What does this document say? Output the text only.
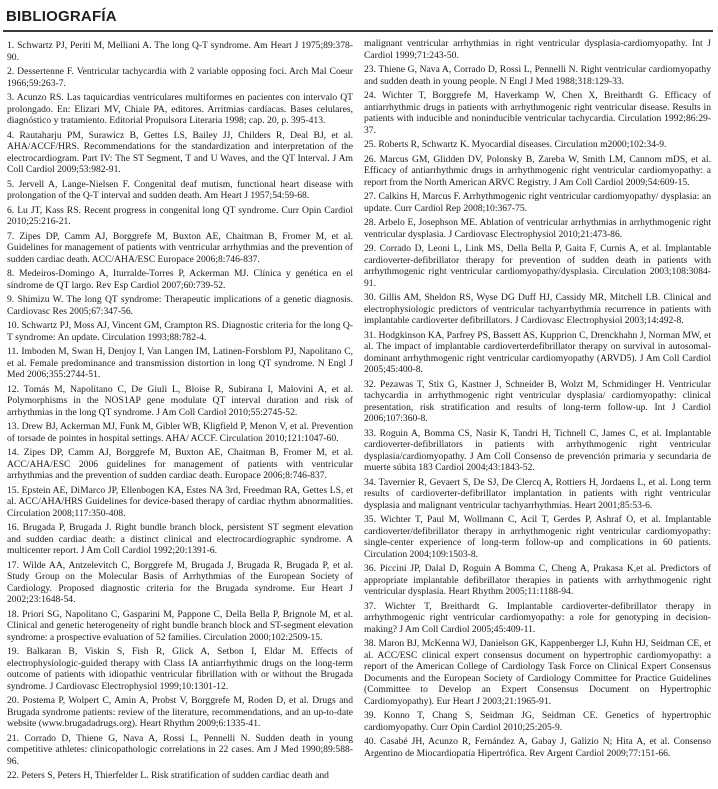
BIBLIOGRAFÍA

1. Schwartz PJ, Periti M, Melliani A. The long Q-T syndrome. Am Heart J 1975;89:378-90.

2. Dessertenne F. Ventricular tachycardia with 2 variable opposing foci. Arch Mal Coeur 1966;59:263-7.

3. Acunzo RS. Las taquicardias ventriculares multiformes en pacientes con intervalo QT prolongado. En: Elizari MV, Chiale PA, editores. Arritmias cardíacas. Bases celulares, diagnóstico y tratamiento. Editorial Propulsora Literaria 1998; cap. 20, p. 395-413.

4. Rautaharju PM, Surawicz B, Gettes LS, Bailey JJ, Childers R, Deal BJ, et al. AHA/ACCF/HRS. Recommendations for the standardization and interpretation of the electrocardiogram. Part IV: The ST Segment, T and U Waves, and the QT Interval. J Am Coll Cardiol 2009;53:982-91.

5. Jervell A, Lange-Nielsen F. Congenital deaf mutism, functional heart disease with prolongation of the Q-T interval and sudden death. Am Heart J 1957;54:59-68.

6. Lu JT, Kass RS. Recent progress in congenital long QT syndrome. Curr Opin Cardiol 2010;25:216-21.

7. Zipes DP, Camm AJ, Borggrefe M, Buxton AE, Chaitman B, Fromer M, et al. Guidelines for management of patients with ventricular arrhythmias and the prevention of sudden cardiac death. ACC/AHA/ESC Europace 2006;8:746-837.

8. Medeiros-Domingo A, Iturralde-Torres P, Ackerman MJ. Clínica y genética en el síndrome de QT largo. Rev Esp Cardiol 2007;60:739-52.

9. Shimizu W. The long QT syndrome: Therapeutic implications of a genetic diagnosis. Cardiovasc Res 2005;67:347-56.

10. Schwartz PJ, Moss AJ, Vincent GM, Crampton RS. Diagnostic criteria for the long Q-T syndrome: An update. Circulation 1993;88:782-4.

11. Imboden M, Swan H, Denjoy I, Van Langen IM, Latinen-Forsblom PJ, Napolitano C, et al. Female predominance and transmission distortion in long QT syndrome. N Engl J Med 2006;355:2744-51.

12. Tomás M, Napolitano C, De Giuli L, Bloise R, Subirana I, Malovini A, et al. Polymorphisms in the NOS1AP gene modulate QT interval duration and risk of arrhythmias in the long QT syndrome. J Am Coll Cardiol 2010;55:2745-52.

13. Drew BJ, Ackerman MJ, Funk M, Gibler WB, Kligfield P, Menon V, et al. Prevention of torsade de pointes in hospital settings. AHA/ ACCF. Circulation 2010;121:1047-60.

14. Zipes DP, Camm AJ, Borggrefe M, Buxton AE, Chaitman B, Fromer M, et al. ACC/AHA/ESC 2006 guidelines for management of patients with ventricular arrhythmias and the prevention of sudden cardiac death. Europace 2006;8:746-837.

15. Epstein AE, DiMarco JP, Ellenbogen KA, Estes NA 3rd, Freedman RA, Gettes LS, et al. ACC/AHA/HRS Guidelines for device-based therapy of cardiac rhythm abnormalities. Circulation 2008;117:350-408.

16. Brugada P, Brugada J. Right bundle branch block, persistent ST segment elevation and sudden cardiac death: a distinct clinical and electrocardiographic syndrome. A multicenter report. J Am Coll Cardiol 1992;20:1391-6.

17. Wilde AA, Antzelevitch C, Borggrefe M, Brugada J, Brugada R, Brugada P, et al. Study Group on the Molecular Basis of Arrhythmias of the European Society of Cardiology. Proposed diagnostic criteria for the Brugada syndrome. Eur Heart J 2002;23:1648-54.

18. Priori SG, Napolitano C, Gasparini M, Pappone C, Della Bella P, Brignole M, et al. Clinical and genetic heterogeneity of right bundle branch block and ST-segment elevation syndrome: a prospective evaluation of 52 families. Circulation 2000;102:2509-15.

19. Balkaran B, Viskin S, Fish R, Glick A, Setbon I, Eldar M. Effects of electrophysiologic-guided therapy with Class IA antiarrhythmic drugs on the long-term outcome of patients with idiopathic ventricular fibrillation with or without the Brugada syndrome. J Cardiovasc Electrophysiol 1999;10:1301-12.

20. Postema P, Wolpert C, Amin A, Probst V, Borggrefe M, Roden D, et al. Drugs and Brugada syndrome patients: review of the literature, recommendations, and an up-to-date website (www.brugadadrugs.org). Heart Rhythm 2009;6:1335-41.

21. Corrado D, Thiene G, Nava A, Rossi L, Pennelli N. Sudden death in young competitive athletes: clinicopathologic correlations in 22 cases. Am J Med 1990;89:588-96.

22. Peters S, Peters H, Thierfelder L. Risk stratification of sudden cardiac death and

malignant ventricular arrhythmias in right ventricular dysplasia-cardiomyopathy. Int J Cardiol 1999;71:243-50.

23. Thiene G, Nava A, Corrado D, Rossi L, Pennelli N. Right ventricular cardiomyopathy and sudden death in young people. N Engl J Med 1988;318:129-33.

24. Wichter T, Borggrefe M, Haverkamp W, Chen X, Breithardt G. Efficacy of antiarrhythmic drugs in patients with arrhythmogenic right ventricular disease. Results in patients with inducible and noninducible ventricular tachycardia. Circulation 1992;86:29-37.

25. Roberts R, Schwartz K. Myocardial diseases. Circulation m2000;102:34-9.

26. Marcus GM, Glidden DV, Polonsky B, Zareba W, Smith LM, Cannom mDS, et al. Efficacy of antiarrhythmic drugs in arrhythmogenic right ventricular cardiomyopathy: a report from the North American ARVC Registry. J Am Coll Cardiol 2009;54:609-15.

27. Calkins H, Marcus F. Arrhythmogenic right ventricular cardiomyopathy/ dysplasia: an update. Curr Cardiol Rep 2008;10:367-75.

28. Arbelo E, Josephson ME. Ablation of ventricular arrhythmias in arrhythmogenic right ventricular dysplasia. J Cardiovasc Electrophysiol 2010;21:473-86.

29. Corrado D, Leoni L, Link MS, Della Bella P, Gaita F, Curnis A, et al. Implantable cardioverter-defibrillator therapy for prevention of sudden death in patients with arrhythmogenic right ventricular cardiomyopathy/dysplasia. Circulation 2003;108:3084-91.

30. Gillis AM, Sheldon RS, Wyse DG Duff HJ, Cassidy MR, Mitchell LB. Clinical and electrophysiologic predictors of ventricular tachyarrhythmia recurrence in patients with implantable cardioverter defibrillators. J Cardiovasc Electrophysiol 2003;14:492-8.

31. Hodgkinson KA, Parfrey PS, Bassett AS, Kupprion C, Drenckhahn J, Norman MW, et al. The impact of implantable cardioverterdefibrillator therapy on survival in autosomal-dominant arrhythmogenic right ventricular cardiomyopathy (ARVD5). J Am Coll Cardiol 2005;45:400-8.

32. Pezawas T, Stix G, Kastner J, Schneider B, Wolzt M, Schmidinger H. Ventricular tachycardia in arrhythmogenic right ventricular dysplasia/ cardiomyopathy: clinical presentation, risk stratification and results of long-term follow-up. Int J Cardiol 2006;107:360-8.

33. Roguin A, Bomma CS, Nasir K, Tandri H, Tichnell C, James C, et al. Implantable cardioverter-defibrillators in patients with arrhythmogenic right ventricular dysplasia/cardiomyopathy. J Am Coll Consenso de prevención primaria y secundaria de muerte súbita 183 Cardiol 2004;43:1843-52.

34. Tavernier R, Gevaert S, De SJ, De Clercq A, Rottiers H, Jordaens L, et al. Long term results of cardioverter-defibrillator implantation in patients with right ventricular dysplasia and malignant ventricular tachyarrhythmias. Heart 2001;85:53-6.

35. Wichter T, Paul M, Wollmann C, Acil T, Gerdes P, Ashraf O, et al. Implantable cardioverter/defibrillator therapy in arrhythmogenic right ventricular cardiomyopathy: single-center experience of long-term follow-up and complications in 60 patients. Circulation 2004;109:1503-8.

36. Piccini JP, Dalal D, Roguin A Bomma C, Cheng A, Prakasa K,et al. Predictors of appropriate implantable defibrillator therapies in patients with arrhythmogenic right ventricular dysplasia. Heart Rhythm 2005;11:1188-94.

37. Wichter T, Breithardt G. Implantable cardioverter-defibrillator therapy in arrhythmogenic right ventricular cardiomyopathy: a role for genotyping in decision-making? J Am Coll Cardiol 2005;45:409-11.

38. Maron BJ, McKenna WJ, Danielson GK, Kappenberger LJ, Kuhn HJ, Seidman CE, et al. ACC/ESC clinical expert consensus document on hypertrophic cardiomyopathy: a report of the American College of Cardiology Task Force on Clinical Expert Consensus Documents and the European Society of Cardiology Committee for Practice Guidelines (Committee to Develop an Expert Consensus Document on Hypertrophic Cardiomyopathy). Eur Heart J 2003;21:1965-91.

39. Konno T, Chang S, Seidman JG, Seidman CE. Genetics of hypertrophic cardiomyopathy. Curr Opin Cardiol 2010;25:205-9.

40. Casabé JH, Acunzo R, Fernández A, Gabay J, Galizio N; Hita A, et al. Consenso Argentino de Miocardiopatía Hipertrófica. Rev Argent Cardiol 2009;77:151-66.
